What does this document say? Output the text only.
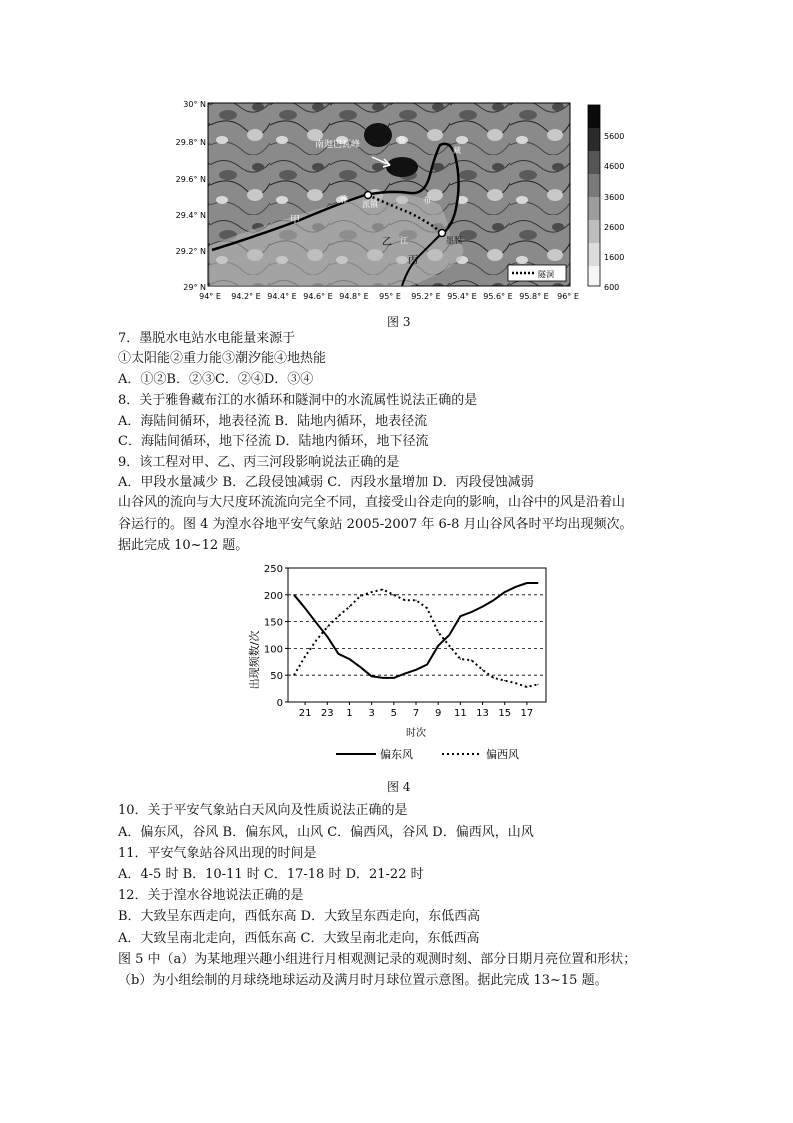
南迦巴瓦峰	鲁
藏
布
江
雅
甲
乙
丙
派镇
墨脱
隧洞
30° N
29.8° N
29.6° N
29.4° N
29.2° N
29° N
94° E 94.2° E 94.4° E 94.6° E 94.8° E 95° E 95.2° E 95.4° E 95.6° E 95.8° E 96° E
5600
4600
3600
2600
1600
600
图 3
7．墨脱水电站水电能量来源于
①太阳能②重力能③潮汐能④地热能
A．①②B．②③C．②④D．③④
8．关于雅鲁藏布江的水循环和隧洞中的水流属性说法正确的是
A．海陆间循环，地表径流 B．陆地内循环，地表径流
C．海陆间循环，地下径流 D．陆地内循环，地下径流
9．该工程对甲、乙、丙三河段影响说法正确的是
A．甲段水量减少 B．乙段侵蚀减弱 C．丙段水量增加 D．丙段侵蚀减弱
山谷风的流向与大尺度环流流向完全不同，直接受山谷走向的影响，山谷中的风是沿着山
谷运行的。图 4 为湟水谷地平安气象站 2005-2007 年 6-8 月山谷风各时平均出现频次。
据此完成 10~12 题。
0
50
100
150
200
250
21 23 1 3 5 7 9 11 13 15 17
出现频数/次
时次
偏东风	偏西风
图 4
10．关于平安气象站白天风向及性质说法正确的是
A．偏东风，谷风 B．偏东风，山风 C．偏西风，谷风 D．偏西风，山风
11．平安气象站谷风出现的时间是
A．4-5 时 B．10-11 时 C．17-18 时 D．21-22 时
12．关于湟水谷地说法正确的是
B．大致呈东西走向，西低东高 D．大致呈东西走向，东低西高
A．大致呈南北走向，西低东高 C．大致呈南北走向，东低西高
图 5 中（a）为某地理兴趣小组进行月相观测记录的观测时刻、部分日期月亮位置和形状；
（b）为小组绘制的月球绕地球运动及满月时月球位置示意图。据此完成 13~15 题。
